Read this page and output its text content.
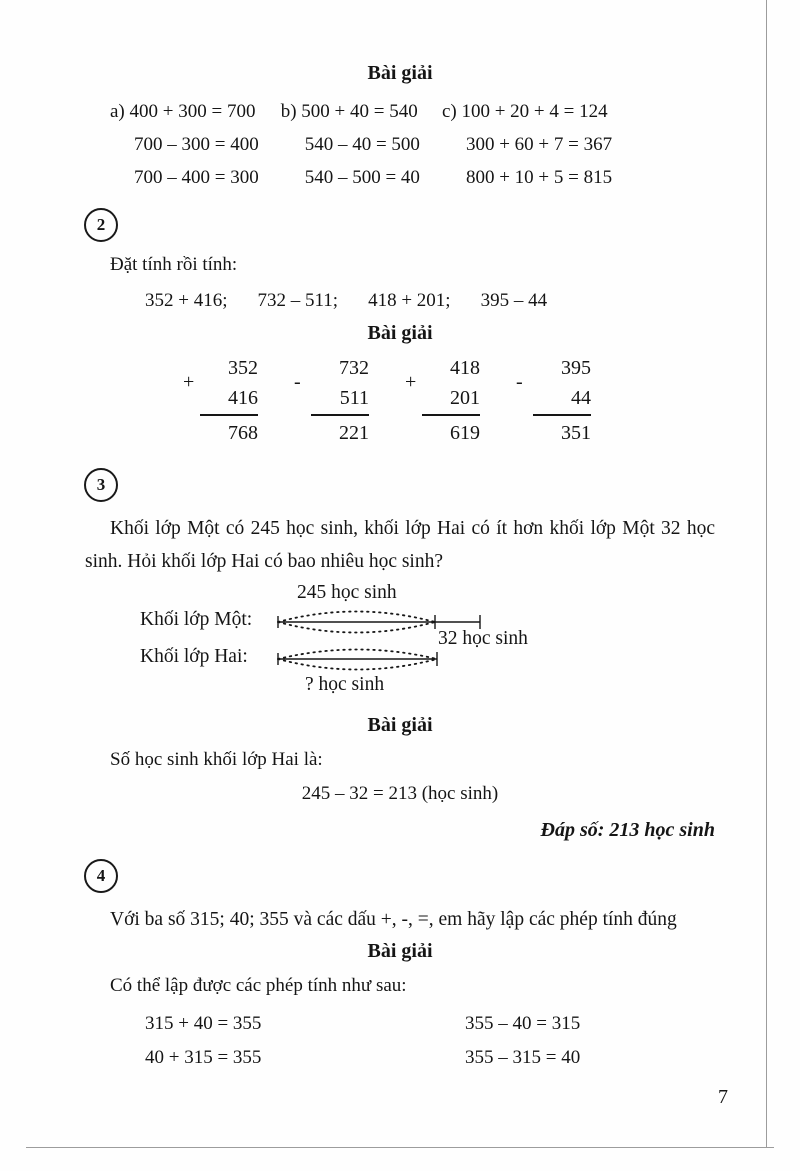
Bài giải
a) 400 + 300 = 700
700 – 300 = 400
700 – 400 = 300
b) 500 + 40 = 540
540 – 40 = 500
540 – 500 = 40
c) 100 + 20 + 4 = 124
300 + 60 + 7 = 367
800 + 10 + 5 = 815
2
Đặt tính rồi tính:
352 + 416; 732 – 511; 418 + 201; 395 – 44
Bài giải
+
352
416
768
-
732
511
221
+
418
201
619
-
395
44
351
3
Khối lớp Một có 245 học sinh, khối lớp Hai có ít hơn khối lớp Một 32 học sinh. Hỏi khối lớp Hai có bao nhiêu học sinh?
245 học sinh
Khối lớp Một:
32 học sinh
Khối lớp Hai:
? học sinh
Bài giải
Số học sinh khối lớp Hai là:
245 – 32 = 213 (học sinh)
Đáp số: 213 học sinh
4
Với ba số 315; 40; 355 và các dấu +, -, =, em hãy lập các phép tính đúng
Bài giải
Có thể lập được các phép tính như sau:
315 + 40 = 355
40 + 315 = 355
355 – 40 = 315
355 – 315 = 40
7
